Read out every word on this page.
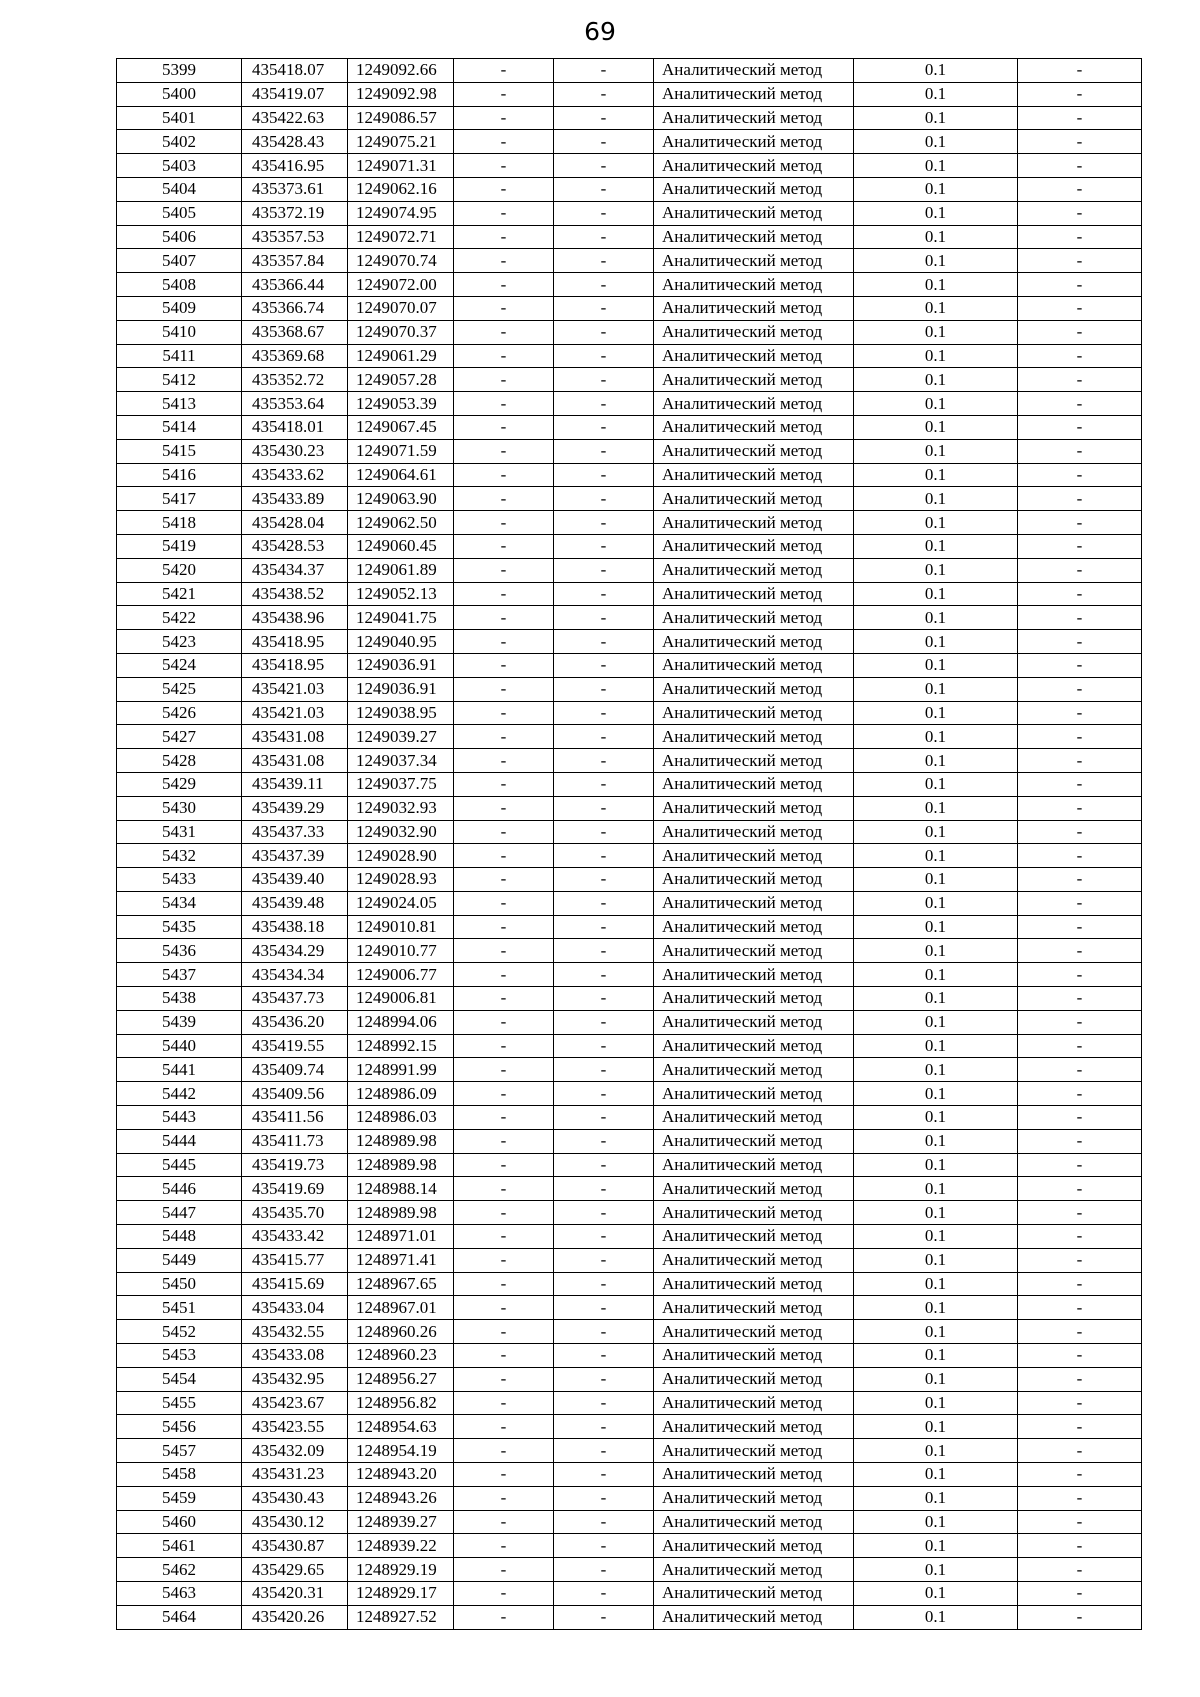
69
5399	435418.07	1249092.66	-	-	Аналитический метод	0.1	-
5400	435419.07	1249092.98	-	-	Аналитический метод	0.1	-
5401	435422.63	1249086.57	-	-	Аналитический метод	0.1	-
5402	435428.43	1249075.21	-	-	Аналитический метод	0.1	-
5403	435416.95	1249071.31	-	-	Аналитический метод	0.1	-
5404	435373.61	1249062.16	-	-	Аналитический метод	0.1	-
5405	435372.19	1249074.95	-	-	Аналитический метод	0.1	-
5406	435357.53	1249072.71	-	-	Аналитический метод	0.1	-
5407	435357.84	1249070.74	-	-	Аналитический метод	0.1	-
5408	435366.44	1249072.00	-	-	Аналитический метод	0.1	-
5409	435366.74	1249070.07	-	-	Аналитический метод	0.1	-
5410	435368.67	1249070.37	-	-	Аналитический метод	0.1	-
5411	435369.68	1249061.29	-	-	Аналитический метод	0.1	-
5412	435352.72	1249057.28	-	-	Аналитический метод	0.1	-
5413	435353.64	1249053.39	-	-	Аналитический метод	0.1	-
5414	435418.01	1249067.45	-	-	Аналитический метод	0.1	-
5415	435430.23	1249071.59	-	-	Аналитический метод	0.1	-
5416	435433.62	1249064.61	-	-	Аналитический метод	0.1	-
5417	435433.89	1249063.90	-	-	Аналитический метод	0.1	-
5418	435428.04	1249062.50	-	-	Аналитический метод	0.1	-
5419	435428.53	1249060.45	-	-	Аналитический метод	0.1	-
5420	435434.37	1249061.89	-	-	Аналитический метод	0.1	-
5421	435438.52	1249052.13	-	-	Аналитический метод	0.1	-
5422	435438.96	1249041.75	-	-	Аналитический метод	0.1	-
5423	435418.95	1249040.95	-	-	Аналитический метод	0.1	-
5424	435418.95	1249036.91	-	-	Аналитический метод	0.1	-
5425	435421.03	1249036.91	-	-	Аналитический метод	0.1	-
5426	435421.03	1249038.95	-	-	Аналитический метод	0.1	-
5427	435431.08	1249039.27	-	-	Аналитический метод	0.1	-
5428	435431.08	1249037.34	-	-	Аналитический метод	0.1	-
5429	435439.11	1249037.75	-	-	Аналитический метод	0.1	-
5430	435439.29	1249032.93	-	-	Аналитический метод	0.1	-
5431	435437.33	1249032.90	-	-	Аналитический метод	0.1	-
5432	435437.39	1249028.90	-	-	Аналитический метод	0.1	-
5433	435439.40	1249028.93	-	-	Аналитический метод	0.1	-
5434	435439.48	1249024.05	-	-	Аналитический метод	0.1	-
5435	435438.18	1249010.81	-	-	Аналитический метод	0.1	-
5436	435434.29	1249010.77	-	-	Аналитический метод	0.1	-
5437	435434.34	1249006.77	-	-	Аналитический метод	0.1	-
5438	435437.73	1249006.81	-	-	Аналитический метод	0.1	-
5439	435436.20	1248994.06	-	-	Аналитический метод	0.1	-
5440	435419.55	1248992.15	-	-	Аналитический метод	0.1	-
5441	435409.74	1248991.99	-	-	Аналитический метод	0.1	-
5442	435409.56	1248986.09	-	-	Аналитический метод	0.1	-
5443	435411.56	1248986.03	-	-	Аналитический метод	0.1	-
5444	435411.73	1248989.98	-	-	Аналитический метод	0.1	-
5445	435419.73	1248989.98	-	-	Аналитический метод	0.1	-
5446	435419.69	1248988.14	-	-	Аналитический метод	0.1	-
5447	435435.70	1248989.98	-	-	Аналитический метод	0.1	-
5448	435433.42	1248971.01	-	-	Аналитический метод	0.1	-
5449	435415.77	1248971.41	-	-	Аналитический метод	0.1	-
5450	435415.69	1248967.65	-	-	Аналитический метод	0.1	-
5451	435433.04	1248967.01	-	-	Аналитический метод	0.1	-
5452	435432.55	1248960.26	-	-	Аналитический метод	0.1	-
5453	435433.08	1248960.23	-	-	Аналитический метод	0.1	-
5454	435432.95	1248956.27	-	-	Аналитический метод	0.1	-
5455	435423.67	1248956.82	-	-	Аналитический метод	0.1	-
5456	435423.55	1248954.63	-	-	Аналитический метод	0.1	-
5457	435432.09	1248954.19	-	-	Аналитический метод	0.1	-
5458	435431.23	1248943.20	-	-	Аналитический метод	0.1	-
5459	435430.43	1248943.26	-	-	Аналитический метод	0.1	-
5460	435430.12	1248939.27	-	-	Аналитический метод	0.1	-
5461	435430.87	1248939.22	-	-	Аналитический метод	0.1	-
5462	435429.65	1248929.19	-	-	Аналитический метод	0.1	-
5463	435420.31	1248929.17	-	-	Аналитический метод	0.1	-
5464	435420.26	1248927.52	-	-	Аналитический метод	0.1	-
